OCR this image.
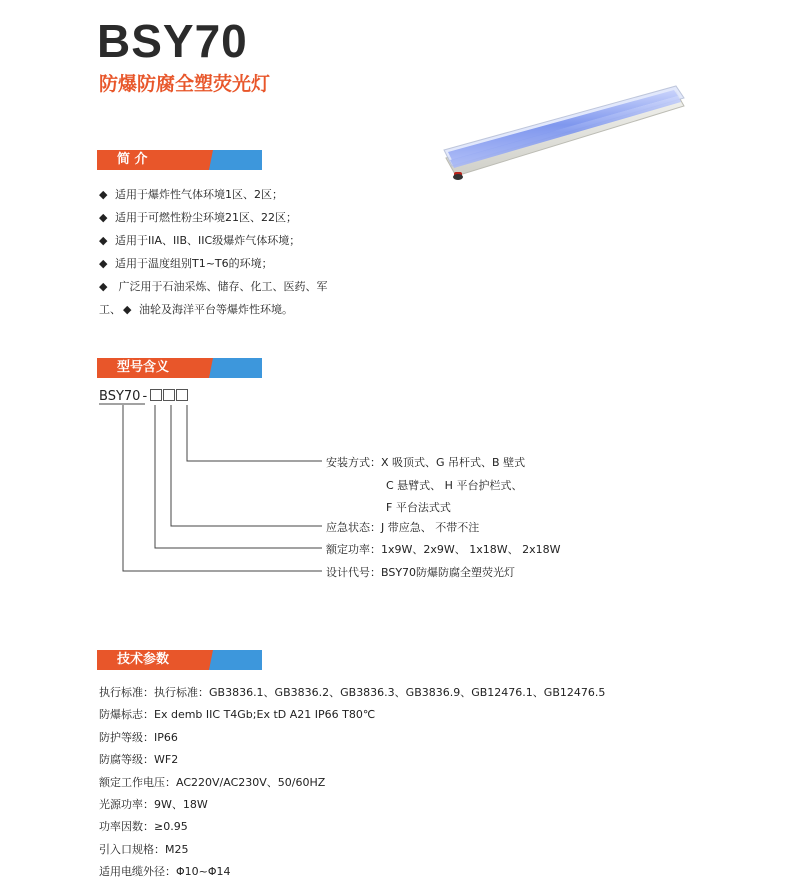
BSY70
防爆防腐全塑荧光灯
简 介
◆ 适用于爆炸性气体环境1区、2区；
◆ 适用于可燃性粉尘环境21区、22区；
◆ 适用于IIA、IIB、IIC级爆炸气体环境；
◆ 适用于温度组别T1~T6的环境；
◆ 广泛用于石油采炼、储存、化工、医药、军
工、 ◆ 油轮及海洋平台等爆炸性环境。
型号含义
BSY70 -
安装方式：X 吸顶式、G 吊杆式、B 壁式
C 悬臂式、 H 平台护栏式、
F 平台法式式
应急状态：J 带应急、 不带不注
额定功率：1x9W、2x9W、 1x18W、 2x18W
设计代号：BSY70防爆防腐全塑荧光灯
技术参数
执行标准：执行标准：GB3836.1、GB3836.2、GB3836.3、GB3836.9、GB12476.1、GB12476.5
防爆标志：Ex demb IIC T4Gb;Ex tD A21 IP66 T80℃
防护等级：IP66
防腐等级：WF2
额定工作电压：AC220V/AC230V、50/60HZ
光源功率：9W、18W
功率因数：≥0.95
引入口规格：M25
适用电缆外径：Φ10~Φ14
